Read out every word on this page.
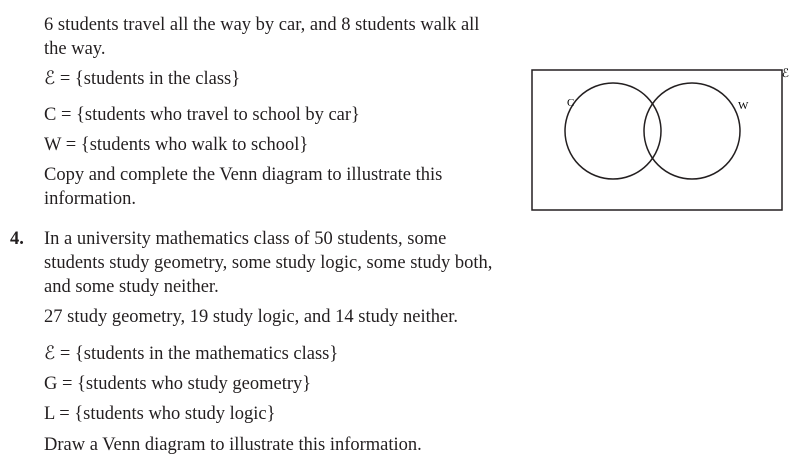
6 students travel all the way by car, and 8 students walk all
the way.
ℰ = {students in the class}
C = {students who travel to school by car}
W = {students who walk to school}
Copy and complete the Venn diagram to illustrate this
information.
ℰ
C	W
4. In a university mathematics class of 50 students, some
students study geometry, some study logic, some study both,
and some study neither.
27 study geometry, 19 study logic, and 14 study neither.
ℰ = {students in the mathematics class}
G = {students who study geometry}
L = {students who study logic}
Draw a Venn diagram to illustrate this information.
